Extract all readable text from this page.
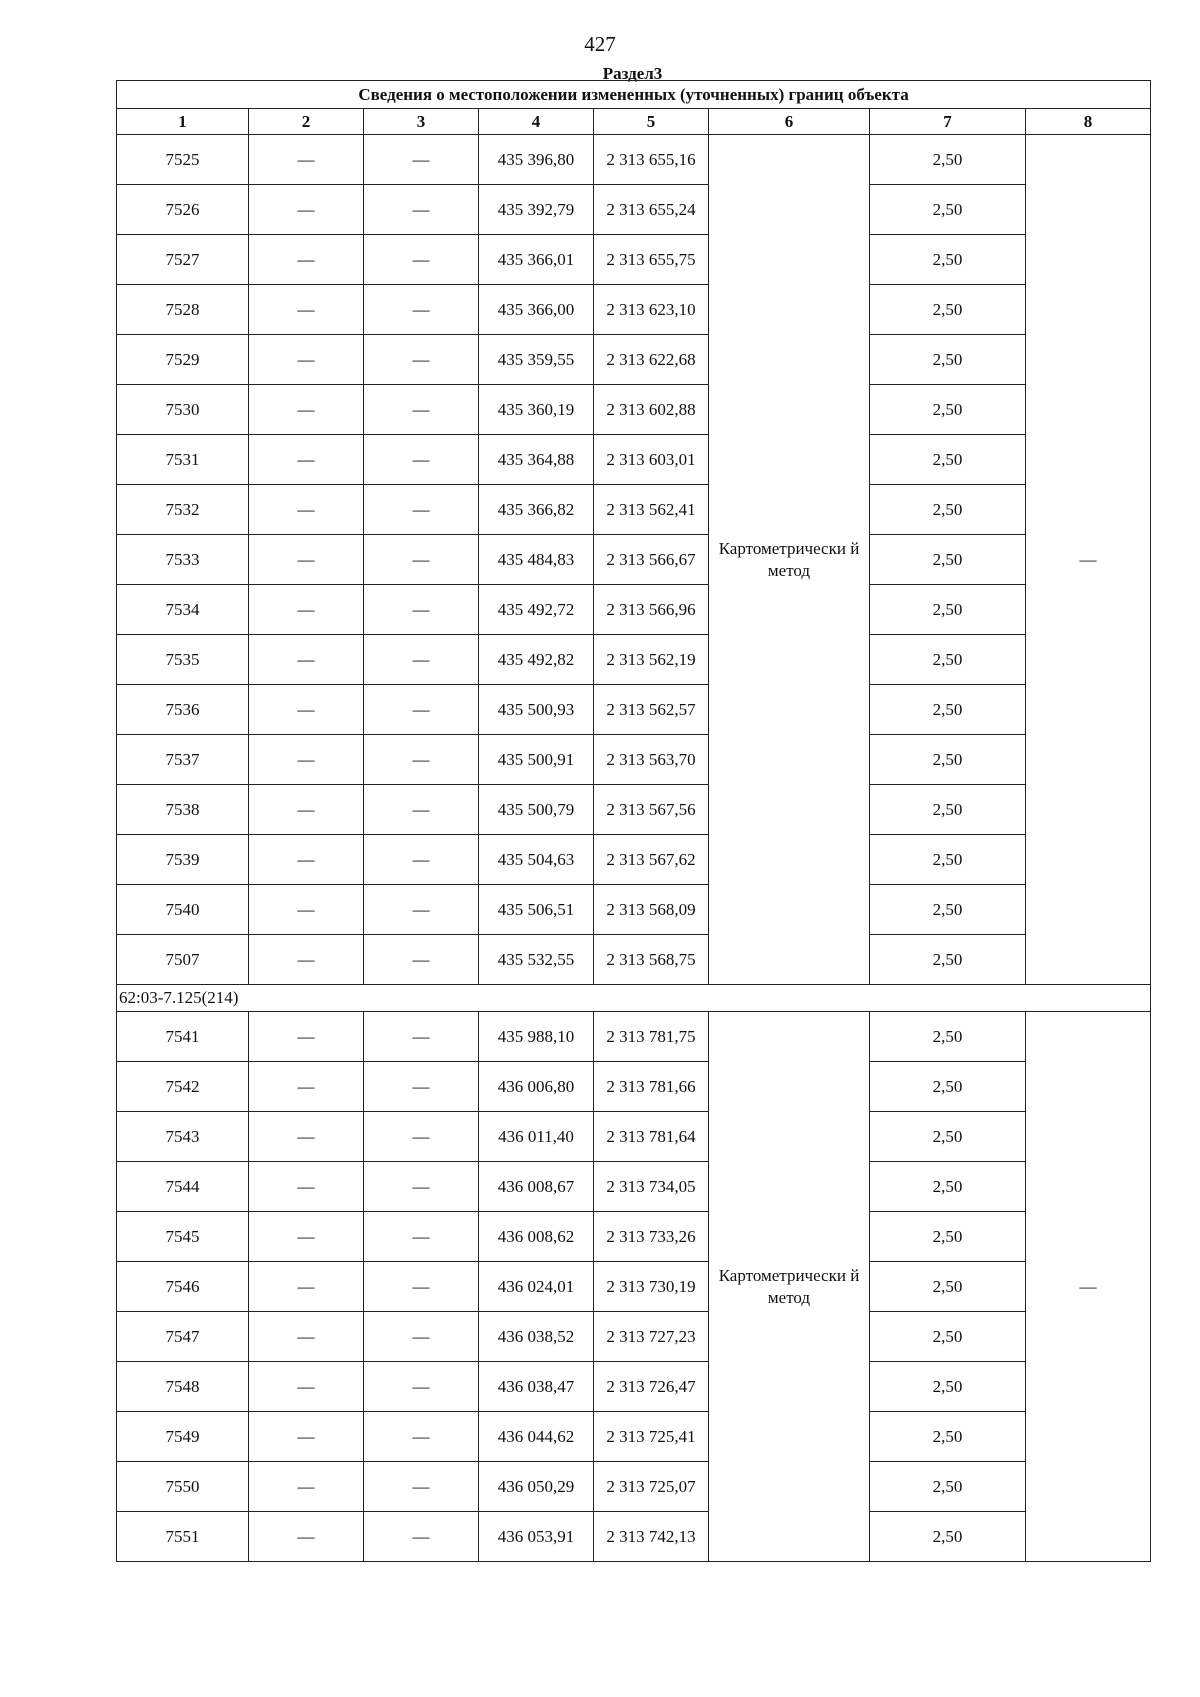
427
Раздел3
Сведения о местоположении измененных (уточненных) границ объекта							
1	2	3	4	5	6	7	8
7525	—	—	435 396,80	2 313 655,16	Картометрически й метод	2,50	—
7526	—	—	435 392,79	2 313 655,24		2,50	
7527	—	—	435 366,01	2 313 655,75		2,50	
7528	—	—	435 366,00	2 313 623,10		2,50	
7529	—	—	435 359,55	2 313 622,68		2,50	
7530	—	—	435 360,19	2 313 602,88		2,50	
7531	—	—	435 364,88	2 313 603,01		2,50	
7532	—	—	435 366,82	2 313 562,41		2,50	
7533	—	—	435 484,83	2 313 566,67		2,50	
7534	—	—	435 492,72	2 313 566,96		2,50	
7535	—	—	435 492,82	2 313 562,19		2,50	
7536	—	—	435 500,93	2 313 562,57		2,50	
7537	—	—	435 500,91	2 313 563,70		2,50	
7538	—	—	435 500,79	2 313 567,56		2,50	
7539	—	—	435 504,63	2 313 567,62		2,50	
7540	—	—	435 506,51	2 313 568,09		2,50	
7507	—	—	435 532,55	2 313 568,75		2,50	
62:03-7.125(214)							
7541	—	—	435 988,10	2 313 781,75	Картометрически й метод	2,50	—
7542	—	—	436 006,80	2 313 781,66		2,50	
7543	—	—	436 011,40	2 313 781,64		2,50	
7544	—	—	436 008,67	2 313 734,05		2,50	
7545	—	—	436 008,62	2 313 733,26		2,50	
7546	—	—	436 024,01	2 313 730,19		2,50	
7547	—	—	436 038,52	2 313 727,23		2,50	
7548	—	—	436 038,47	2 313 726,47		2,50	
7549	—	—	436 044,62	2 313 725,41		2,50	
7550	—	—	436 050,29	2 313 725,07		2,50	
7551	—	—	436 053,91	2 313 742,13		2,50	
